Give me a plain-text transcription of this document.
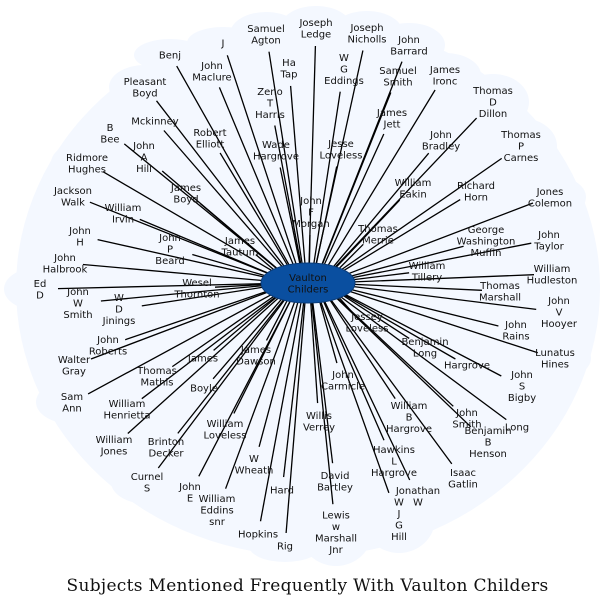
Samuel Agton
Joseph Ledge
Joseph Nicholls	John Barrard
Benj
J
Ha Tap
W G Eddings
Samuel Smith
James Ironc
Pleasant Boyd
John Maclure
Zeno T Harris
Thomas D Dillon
James Jett
Mckinney
B Bee
Robert Elliott
John A Hill
Wade Hargrove
Jesse Loveless
John Bradley
Thomas P Carnes
Ridmore Hughes
William Eakin
Richard Horn
James Boyd
Jackson Walk
Jones Colemon
John F Morgan
William Irvin
Thomas Merrie
John H
George Washington Muffin
John Taylor
John P Beard
James Tautum
John Halbrook	William Tillery
William Hudleston
Ed D
Wesel Thornton
John W Smith
W D Jinings
Thomas Marshall	John V Hooyer
Jessey Loveless	John Rains
John Roberts
Benjamin Long	Lunatus Hines
James
James Dawson	Hargrove
Walter Gray	Thomas Mathis
Boyle
John Carmicle
John S Bigby
Sam Ann	William Henrietta	Willis Verrey
William B Hargrove
John Smith Long
William Loveless
William Jones
Brinton Decker
Benjamin B Henson
W Wheath
Hawkins L Hargrove
Curnel S	John E
Isaac Gatlin
David Bartley
Hard	Jonathan W
William Eddins snr
W J G Hill
Lewis w Marshall Jnr
Hopkins
Rig
Vaulton Childers
Subjects Mentioned Frequently With Vaulton Childers
